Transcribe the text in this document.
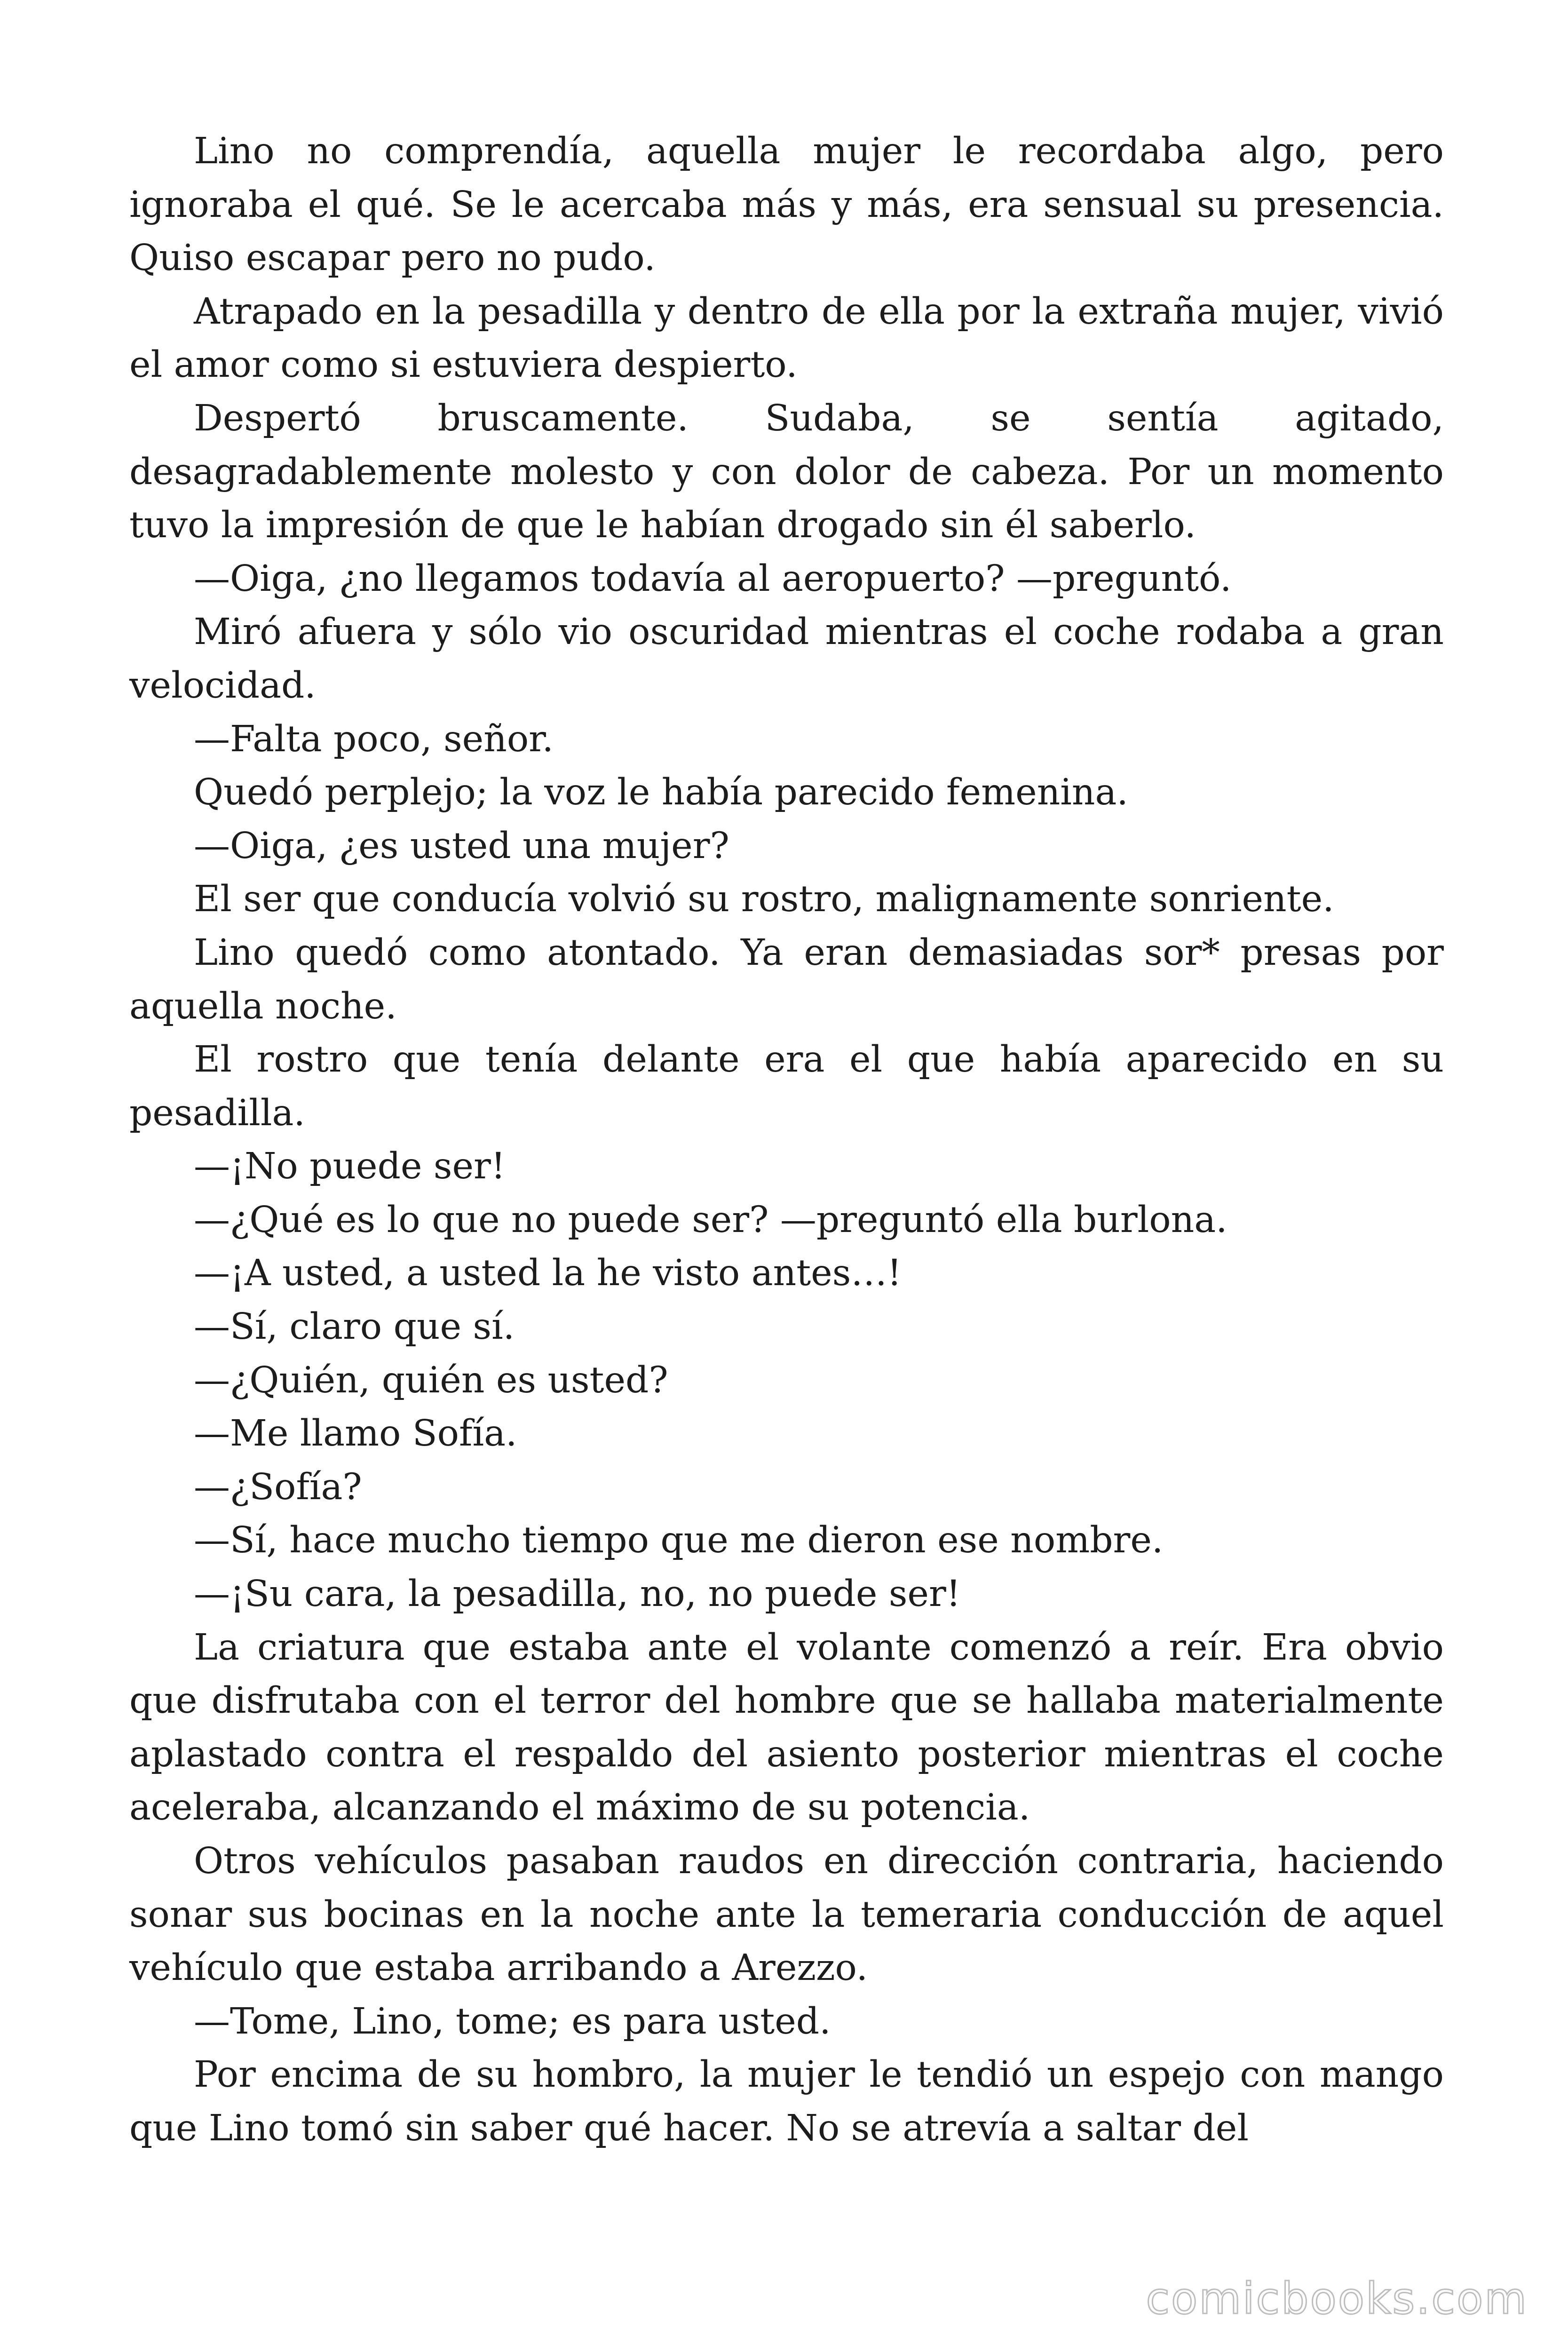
Lino no comprendía, aquella mujer le recordaba algo, pero ignoraba el qué. Se le acercaba más y más, era sensual su presencia. Quiso escapar pero no pudo.

Atrapado en la pesadilla y dentro de ella por la extraña mujer, vivió el amor como si estuviera despierto.

Despertó bruscamente. Sudaba, se sentía agitado, desagradablemente molesto y con dolor de cabeza. Por un momento tuvo la impresión de que le habían drogado sin él saberlo.

—Oiga, ¿no llegamos todavía al aeropuerto? —preguntó.

Miró afuera y sólo vio oscuridad mientras el coche rodaba a gran velocidad.

—Falta poco, señor.

Quedó perplejo; la voz le había parecido femenina.

—Oiga, ¿es usted una mujer?

El ser que conducía volvió su rostro, malignamente sonriente.

Lino quedó como atontado. Ya eran demasiadas sor* presas por aquella noche.

El rostro que tenía delante era el que había aparecido en su pesadilla.

—¡No puede ser!

—¿Qué es lo que no puede ser? —preguntó ella burlona.

—¡A usted, a usted la he visto antes…!

—Sí, claro que sí.

—¿Quién, quién es usted?

—Me llamo Sofía.

—¿Sofía?

—Sí, hace mucho tiempo que me dieron ese nombre.

—¡Su cara, la pesadilla, no, no puede ser!

La criatura que estaba ante el volante comenzó a reír. Era obvio que disfrutaba con el terror del hombre que se hallaba materialmente aplastado contra el respaldo del asiento posterior mientras el coche aceleraba, alcanzando el máximo de su potencia.

Otros vehículos pasaban raudos en dirección contraria, haciendo sonar sus bocinas en la noche ante la temeraria conducción de aquel vehículo que estaba arribando a Arezzo.

—Tome, Lino, tome; es para usted.

Por encima de su hombro, la mujer le tendió un espejo con mango que Lino tomó sin saber qué hacer. No se atrevía a saltar del

comicbooks.com
